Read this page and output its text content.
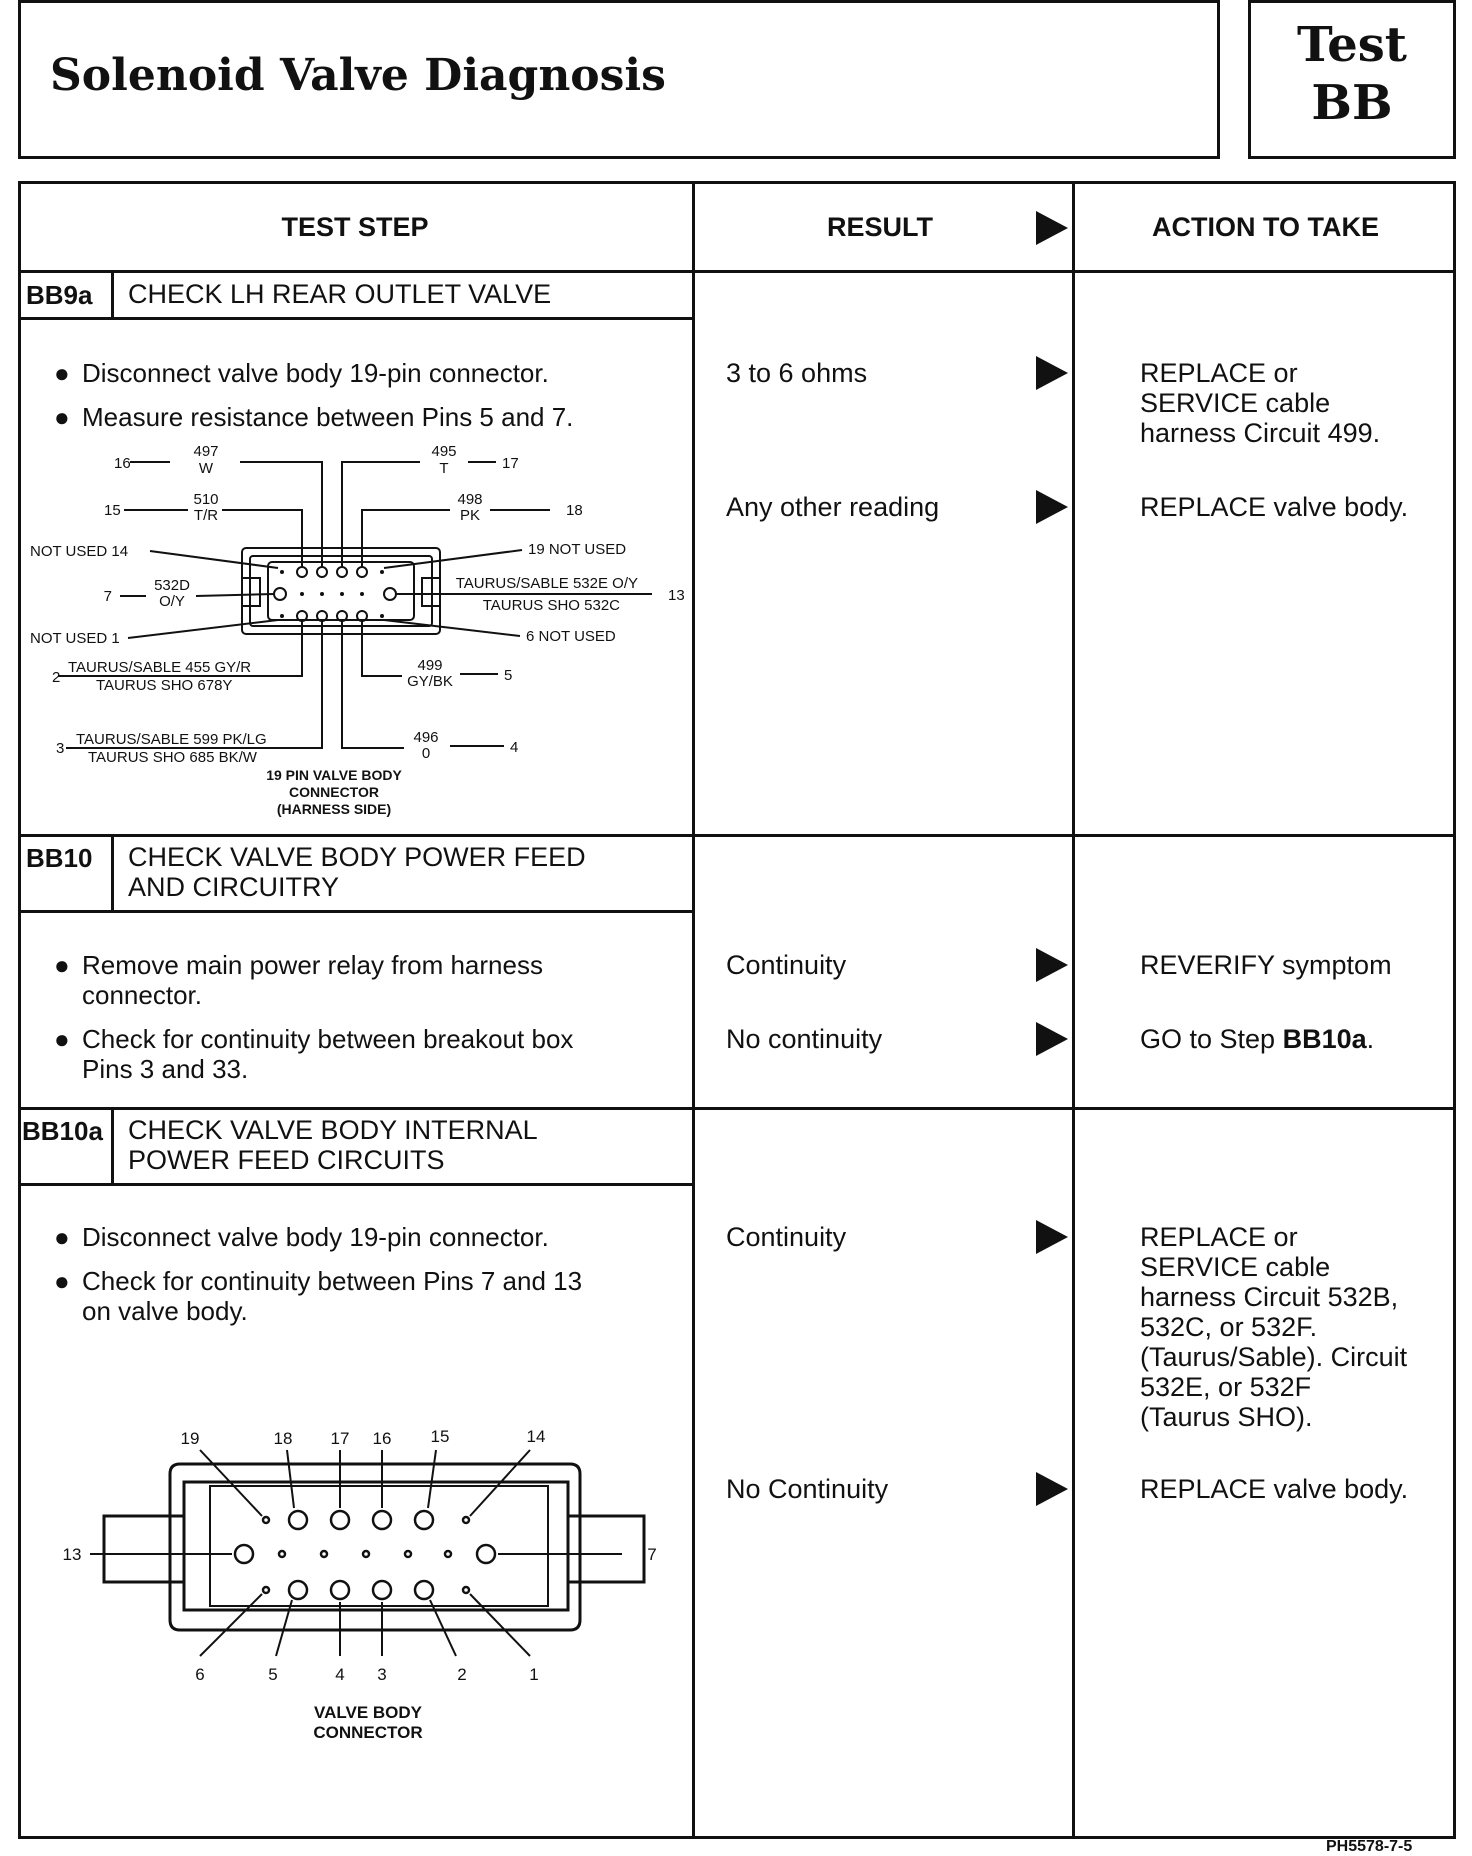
Solenoid Valve Diagnosis
Test
BB
TEST STEP	RESULT	ACTION TO TAKE
BB9a CHECK LH REAR OUTLET VALVE
● Disconnect valve body 19-pin connector.
● Measure resistance between Pins 5 and 7.
16
497
W
495
T	17
15
510
T/R
498
PK	18
NOT USED 14	19 NOT USED
7
532D
O/Y
TAURUS/SABLE 532E O/Y
TAURUS SHO 532C
13
NOT USED 1	6 NOT USED
2
TAURUS/SABLE 455 GY/R
TAURUS SHO 678Y
499
GY/BK	5
3
TAURUS/SABLE 599 PK/LG
TAURUS SHO 685 BK/W
496
0	4
19 PIN VALVE BODY
CONNECTOR
(HARNESS SIDE)
3 to 6 ohms	REPLACE or
SERVICE cable
harness Circuit 499.
Any other reading	REPLACE valve body.
BB10 CHECK VALVE BODY POWER FEED
AND CIRCUITRY
● Remove main power relay from harness
connector.
● Check for continuity between breakout box
Pins 3 and 33.
Continuity	REVERIFY symptom
No continuity	GO to Step BB10a.
BB10a CHECK VALVE BODY INTERNAL
POWER FEED CIRCUITS
● Disconnect valve body 19-pin connector.
● Check for continuity between Pins 7 and 13
on valve body.
19	18 17 16 15	14
6	5	4 3	2	1
13	7
VALVE BODY
CONNECTOR
Continuity	REPLACE or
SERVICE cable
harness Circuit 532B,
532C, or 532F.
(Taurus/Sable). Circuit
532E, or 532F
(Taurus SHO).
No Continuity	REPLACE valve body.
PH5578-7-5
